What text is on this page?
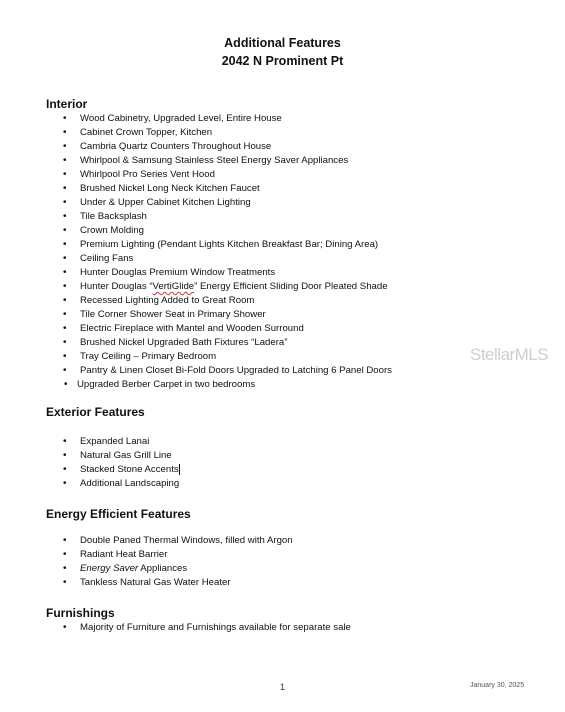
Additional Features
2042 N Prominent Pt
Interior
• Wood Cabinetry, Upgraded Level, Entire House
• Cabinet Crown Topper, Kitchen
• Cambria Quartz Counters Throughout House
• Whirlpool & Samsung Stainless Steel Energy Saver Appliances
• Whirlpool Pro Series Vent Hood
• Brushed Nickel Long Neck Kitchen Faucet
• Under & Upper Cabinet Kitchen Lighting
• Tile Backsplash
• Crown Molding
• Premium Lighting (Pendant Lights Kitchen Breakfast Bar; Dining Area)
• Ceiling Fans
• Hunter Douglas Premium Window Treatments
• Hunter Douglas “VertiGlide” Energy Efficient Sliding Door Pleated Shade
• Recessed Lighting Added to Great Room
• Tile Corner Shower Seat in Primary Shower
• Electric Fireplace with Mantel and Wooden Surround
• Brushed Nickel Upgraded Bath Fixtures “Ladera”
• Tray Ceiling – Primary Bedroom
• Pantry & Linen Closet Bi-Fold Doors Upgraded to Latching 6 Panel Doors
• Upgraded Berber Carpet in two bedrooms
Exterior Features
• Expanded Lanai
• Natural Gas Grill Line
• Stacked Stone Accents
• Additional Landscaping
Energy Efficient Features
• Double Paned Thermal Windows, filled with Argon
• Radiant Heat Barrier
• Energy Saver Appliances
• Tankless Natural Gas Water Heater
Furnishings
• Majority of Furniture and Furnishings available for separate sale
StellarMLS
1	January 30, 2025
